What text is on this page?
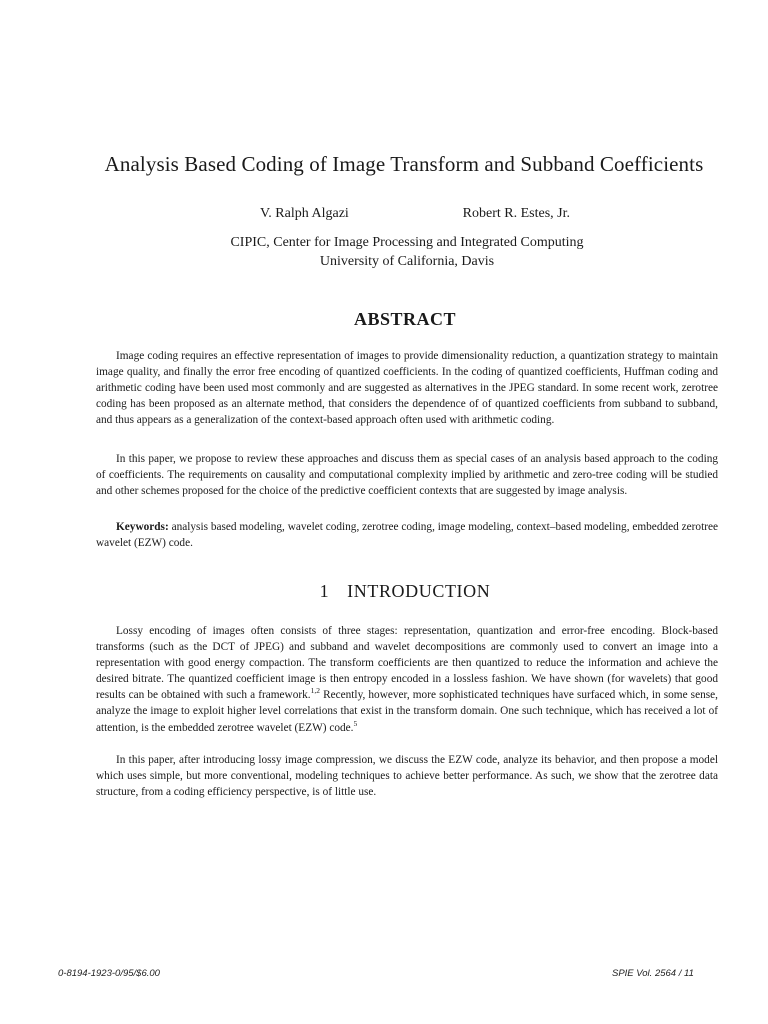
Analysis Based Coding of Image Transform and Subband Coefficients
V. Ralph Algazi	Robert R. Estes, Jr.
CIPIC, Center for Image Processing and Integrated Computing
University of California, Davis
ABSTRACT

Image coding requires an effective representation of images to provide dimensionality reduction, a quantization strategy to maintain image quality, and finally the error free encoding of quantized coefficients. In the coding of quantized coefficients, Huffman coding and arithmetic coding have been used most commonly and are suggested as alternatives in the JPEG standard. In some recent work, zerotree coding has been proposed as an alternate method, that considers the dependence of of quantized coefficients from subband to subband, and thus appears as a generalization of the context-based approach often used with arithmetic coding.

In this paper, we propose to review these approaches and discuss them as special cases of an analysis based approach to the coding of coefficients. The requirements on causality and computational complexity implied by arithmetic and zero-tree coding will be studied and other schemes proposed for the choice of the predictive coefficient contexts that are suggested by image analysis.

Keywords: analysis based modeling, wavelet coding, zerotree coding, image modeling, context–based modeling, embedded zerotree wavelet (EZW) code.

1 INTRODUCTION

Lossy encoding of images often consists of three stages: representation, quantization and error-free encoding. Block-based transforms (such as the DCT of JPEG) and subband and wavelet decompositions are commonly used to convert an image into a representation with good energy compaction. The transform coefficients are then quantized to reduce the information and achieve the desired bitrate. The quantized coefficient image is then entropy encoded in a lossless fashion. We have shown (for wavelets) that good results can be obtained with such a framework.$^{1,2}$ Recently, however, more sophisticated techniques have surfaced which, in some sense, analyze the image to exploit higher level correlations that exist in the transform domain. One such technique, which has received a lot of attention, is the embedded zerotree wavelet (EZW) code.$^5$

In this paper, after introducing lossy image compression, we discuss the EZW code, analyze its behavior, and then propose a model which uses simple, but more conventional, modeling techniques to achieve better performance. As such, we show that the zerotree data structure, from a coding efficiency perspective, is of little use.

0-8194-1923-0/95/$6.00	SPIE Vol. 2564 / 11
